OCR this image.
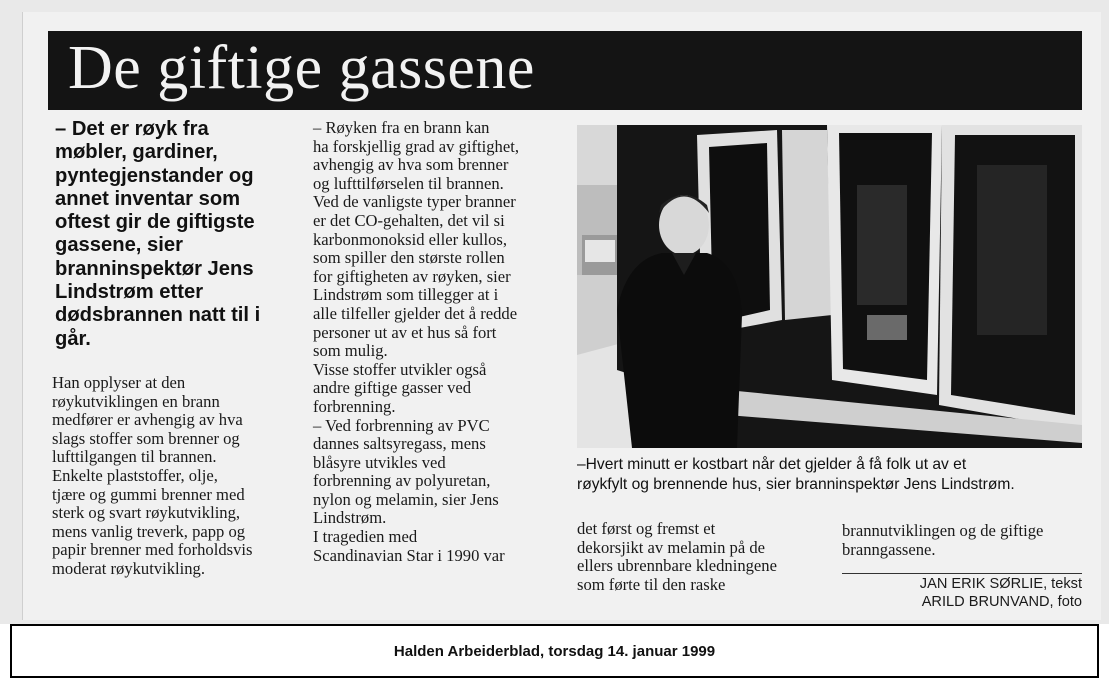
De giftige gassene
– Det er røyk fra
møbler, gardiner,
pyntegjenstander og
annet inventar som
oftest gir de giftigste
gassene, sier
branninspektør Jens
Lindstrøm etter
dødsbrannen natt til i
går.
Han opplyser at den
røykutviklingen en brann
medfører er avhengig av hva
slags stoffer som brenner og
lufttilgangen til brannen.
Enkelte plaststoffer, olje,
tjære og gummi brenner med
sterk og svart røykutvikling,
mens vanlig treverk, papp og
papir brenner med forholdsvis
moderat røykutvikling.
– Røyken fra en brann kan
ha forskjellig grad av giftighet,
avhengig av hva som brenner
og lufttilførselen til brannen.
Ved de vanligste typer branner
er det CO-gehalten, det vil si
karbonmonoksid eller kullos,
som spiller den største rollen
for giftigheten av røyken, sier
Lindstrøm som tillegger at i
alle tilfeller gjelder det å redde
personer ut av et hus så fort
som mulig.
Visse stoffer utvikler også
andre giftige gasser ved
forbrenning.
– Ved forbrenning av PVC
dannes saltsyregass, mens
blåsyre utvikles ved
forbrenning av polyuretan,
nylon og melamin, sier Jens
Lindstrøm.
I tragedien med
Scandinavian Star i 1990 var
–Hvert minutt er kostbart når det gjelder å få folk ut av et
røykfylt og brennende hus, sier branninspektør Jens Lindstrøm.
det først og fremst et
dekorsjikt av melamin på de
ellers ubrennbare kledningene
som førte til den raske
brannutviklingen og de giftige
branngassene.
JAN ERIK SØRLIE, tekst
ARILD BRUNVAND, foto
Halden Arbeiderblad, torsdag 14. januar 1999
